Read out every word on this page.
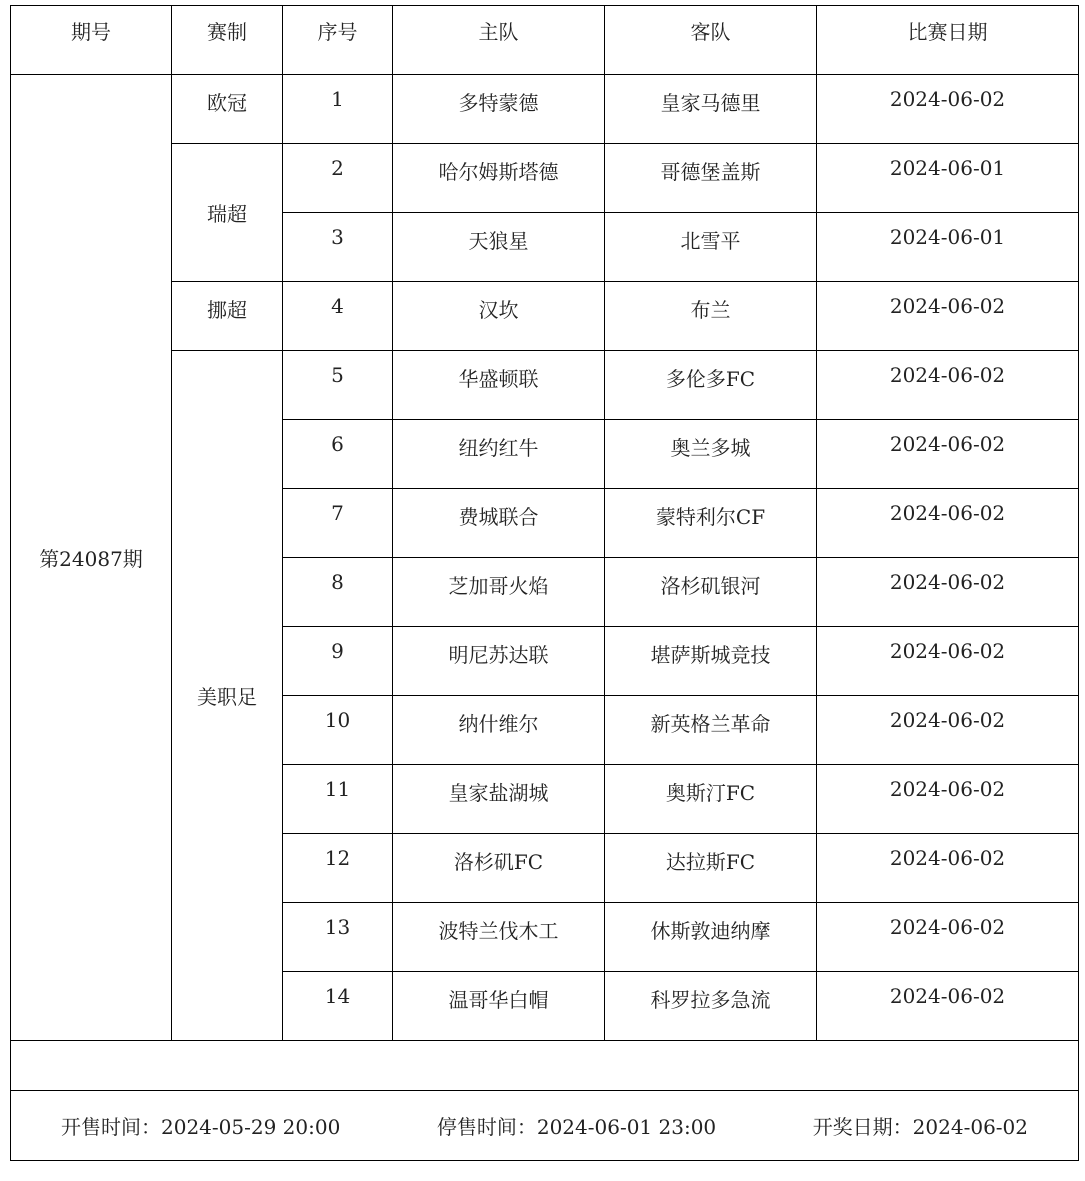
期号	赛制	序号	主队	客队	比赛日期
第24087期	欧冠	1	多特蒙德	皇家马德里	2024-06-02
	瑞超	2	哈尔姆斯塔德	哥德堡盖斯	2024-06-01
		3	天狼星	北雪平	2024-06-01
	挪超	4	汉坎	布兰	2024-06-02
	美职足	5	华盛顿联	多伦多FC	2024-06-02
		6	纽约红牛	奥兰多城	2024-06-02
		7	费城联合	蒙特利尔CF	2024-06-02
		8	芝加哥火焰	洛杉矶银河	2024-06-02
		9	明尼苏达联	堪萨斯城竞技	2024-06-02
		10	纳什维尔	新英格兰革命	2024-06-02
		11	皇家盐湖城	奥斯汀FC	2024-06-02
		12	洛杉矶FC	达拉斯FC	2024-06-02
		13	波特兰伐木工	休斯敦迪纳摩	2024-06-02
		14	温哥华白帽	科罗拉多急流	2024-06-02

开售时间：2024-05-29 20:00 停售时间：2024-06-01 23:00 开奖日期：2024-06-02					
